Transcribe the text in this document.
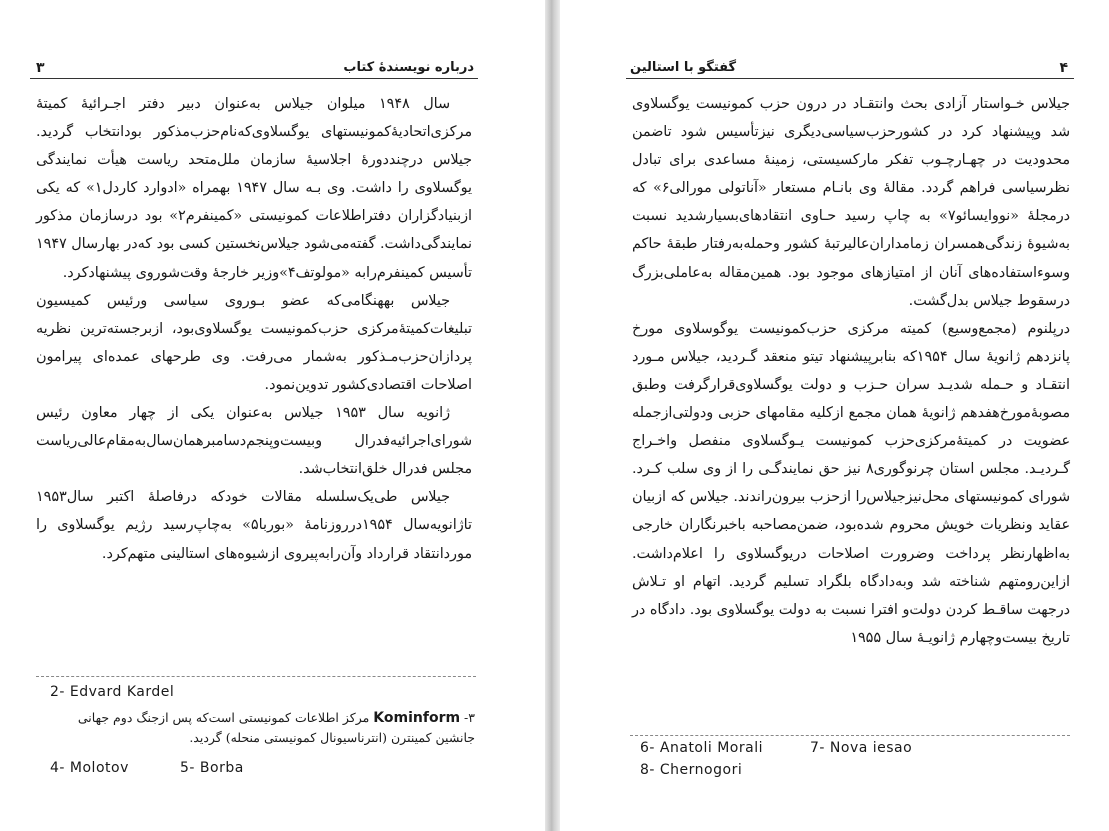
۳	درباره نویسندهٔ کتاب

سال ۱۹۴۸ میلوان جیلاس به‌عنوان دبیر دفتر اجـرائیهٔ کمیتهٔ مرکزی‌اتحادیهٔ‌کمونیستهای یوگسلاوی‌که‌نام‌حزب‌مذکور بود‌انتخاب گردید. جیلاس درچنددورهٔ اجلاسیهٔ سازمان ملل‌متحد ریاست هیأت نمایندگی یوگسلاوی را داشت. وی بـه سال ۱۹۴۷ بهمراه «ادوارد کاردل۱» که یکی ازبنیادگزاران دفتراطلاعات کمونیستی «کمینفرم۲» بود درسازمان مذکور نمایندگی‌داشت. گفته‌می‌شود جیلاس‌نخستین کسی بود که‌در بهارسال ۱۹۴۷ تأسیس کمینفرم‌رابه «مولوتف۴»وزیر خارجهٔ وقت‌شوروی پیشنهاد‌کرد.

جیلاس بههنگامی‌که عضو بـوروی سیاسی ورئیس کمیسیون تبلیغات‌کمیتهٔ‌مرکزی حزب‌کمونیست یوگسلاوی‌بود، ازبرجسته‌ترین نظریه پردازان‌حزب‌مـذکور به‌شمار می‌رفت. وی طرحهای عمده‌ای پیرامون اصلاحات اقتصادی‌کشور تدوین‌نمود.

ژانویه سال ۱۹۵۳ جیلاس به‌عنوان یکی از چهار معاون رئیس شورای‌اجرائیه‌فدرال وبیست‌وپنجم‌دسامبر‌همان‌سال‌به‌مقام‌عالی‌ریاست مجلس فدرال خلق‌انتخاب‌شد.

جیلاس طی‌یک‌سلسله مقالات خودکه درفاصلهٔ اکتبر سال۱۹۵۳ تاژانویه‌سال ۱۹۵۴درروزنامهٔ «بوربا۵» به‌چاپ‌رسید رژیم یوگسلاوی را موردانتقاد قرارداد وآن‌رابه‌پیروی ازشیوه‌های استالینی متهم‌کرد.

2- Edvard Kardel
۳- Kominform مرکز اطلاعات کمونیستی است‌که پس ازجنگ دوم جهانی جانشین کمینترن (انترناسیونال کمونیستی منحله) گردید.
4- Molotov	5- Borba
۴
گفتگو با استالین

جیلاس خـواستار آزادی بحث وانتقـاد در درون حزب کمونیست یوگسلاوی شد وپیشنهاد کرد در کشورحزب‌سیاسی‌دیگری نیزتأسیس شود تاضمن محدودیت در چهـارچـوب تفکر مارکسیستی، زمینهٔ مساعدی برای تبادل نظرسیاسی فراهم گردد. مقالهٔ وی بانـام مستعار «آناتولی مورالی۶» که درمجلهٔ «نووایسائو۷» به چاپ رسید حـاوی انتقادهای‌بسیارشدید نسبت به‌شیوهٔ زندگی‌همسران زمامداران‌عالیرتبهٔ کشور وحمله‌به‌رفتار طبقهٔ حاکم وسوءاستفاده‌های آنان از امتیازهای موجود بود. همین‌مقاله به‌عاملی‌بزرگ درسقوط جیلاس بدل‌گشت.

درپلنوم (مجمع‌وسیع) کمیته مرکزی حزب‌کمونیست یوگوسلاوی مورخ پانزدهم ژانویهٔ سال ۱۹۵۴که بنابرپیشنهاد تیتو منعقد گـردید، جیلاس مـورد انتقـاد و حـمله شدیـد سران حـزب و دولت یوگسلاوی‌قرارگرفت وطبق مصوبهٔ‌مورخ‌هفدهم ژانویهٔ همان مجمع ازکلیه مقامهای حزبی ودولتی‌ازجمله عضویت در کمیتهٔ‌مرکزی‌حزب کمونیست یـوگسلاوی منفصل واخـراج گـردیـد. مجلس استان چرنوگوری۸ نیز حق نمایندگـی را از وی سلب کـرد. شورای کمونیستهای محل‌نیزجیلاس‌را ازحزب بیرون‌راندند. جیلاس که ازبیان عقاید ونظریات خویش محروم شده‌بود، ضمن‌مصاحبه باخبرنگاران خارجی به‌اظهارنظر پرداخت وضرورت اصلاحات دریوگسلاوی را اعلام‌داشت. ازاین‌رومتهم شناخته شد وبه‌دادگاه بلگراد تسلیم گردید. اتهام او تـلاش درجهت ساقـط کردن دولت‌و افترا نسبت به دولت یوگسلاوی بود. دادگاه در تاریخ بیست‌وچهارم ژانویـهٔ سال ۱۹۵۵

6- Anatoli Morali	7- Nova iesao
8- Chernogori
